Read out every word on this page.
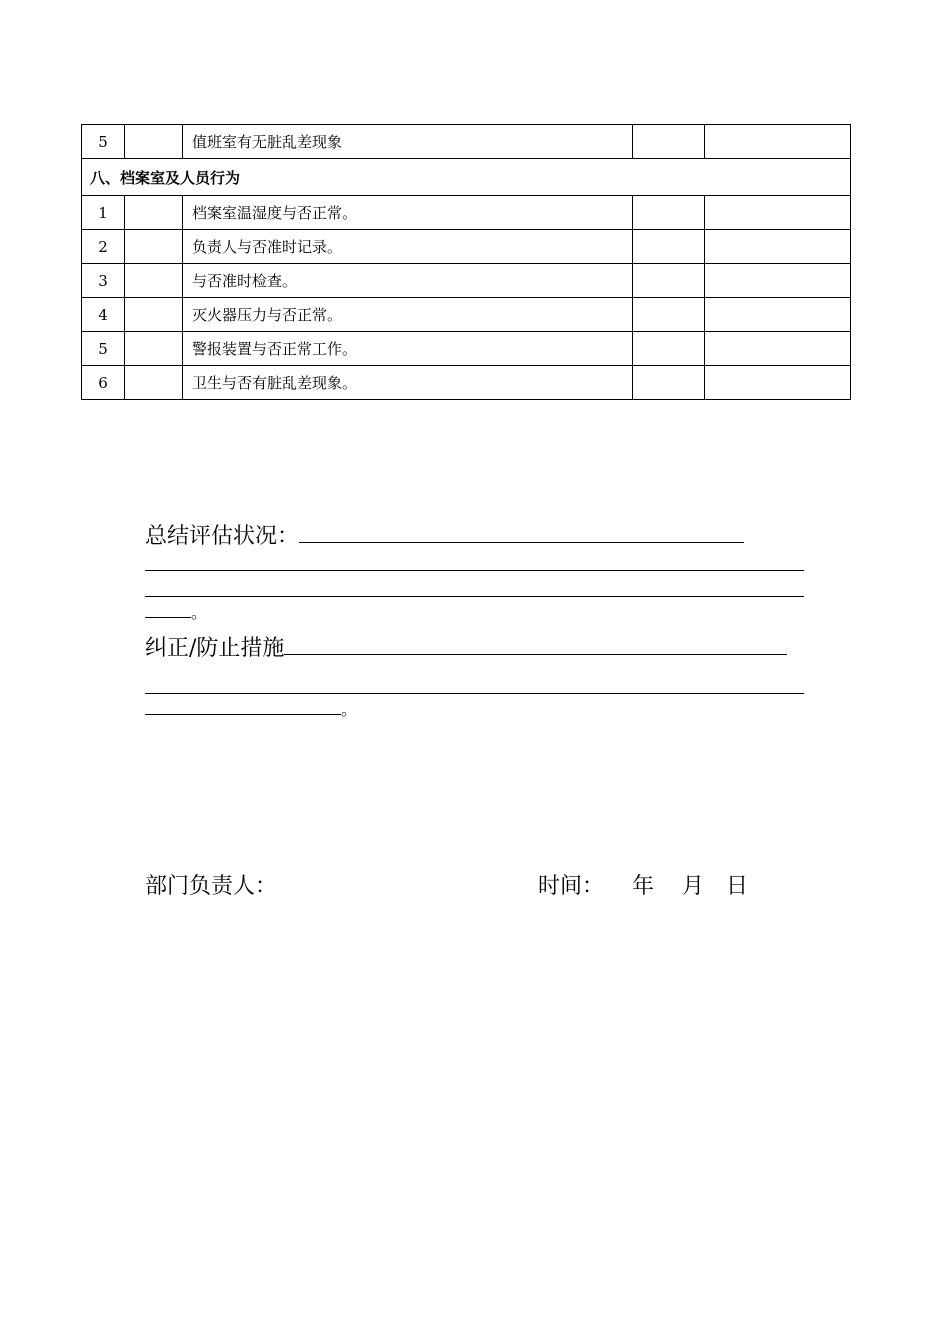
5		值班室有无脏乱差现象		
八、档案室及人员行为				
1		档案室温湿度与否正常。		
2		负责人与否准时记录。		
3		与否准时检查。		
4		灭火器压力与否正常。		
5		警报装置与否正常工作。		
6		卫生与否有脏乱差现象。		
总结评估状况：
。
纠正/防止措施
。
部门负责人：	时间： 年 月 日
